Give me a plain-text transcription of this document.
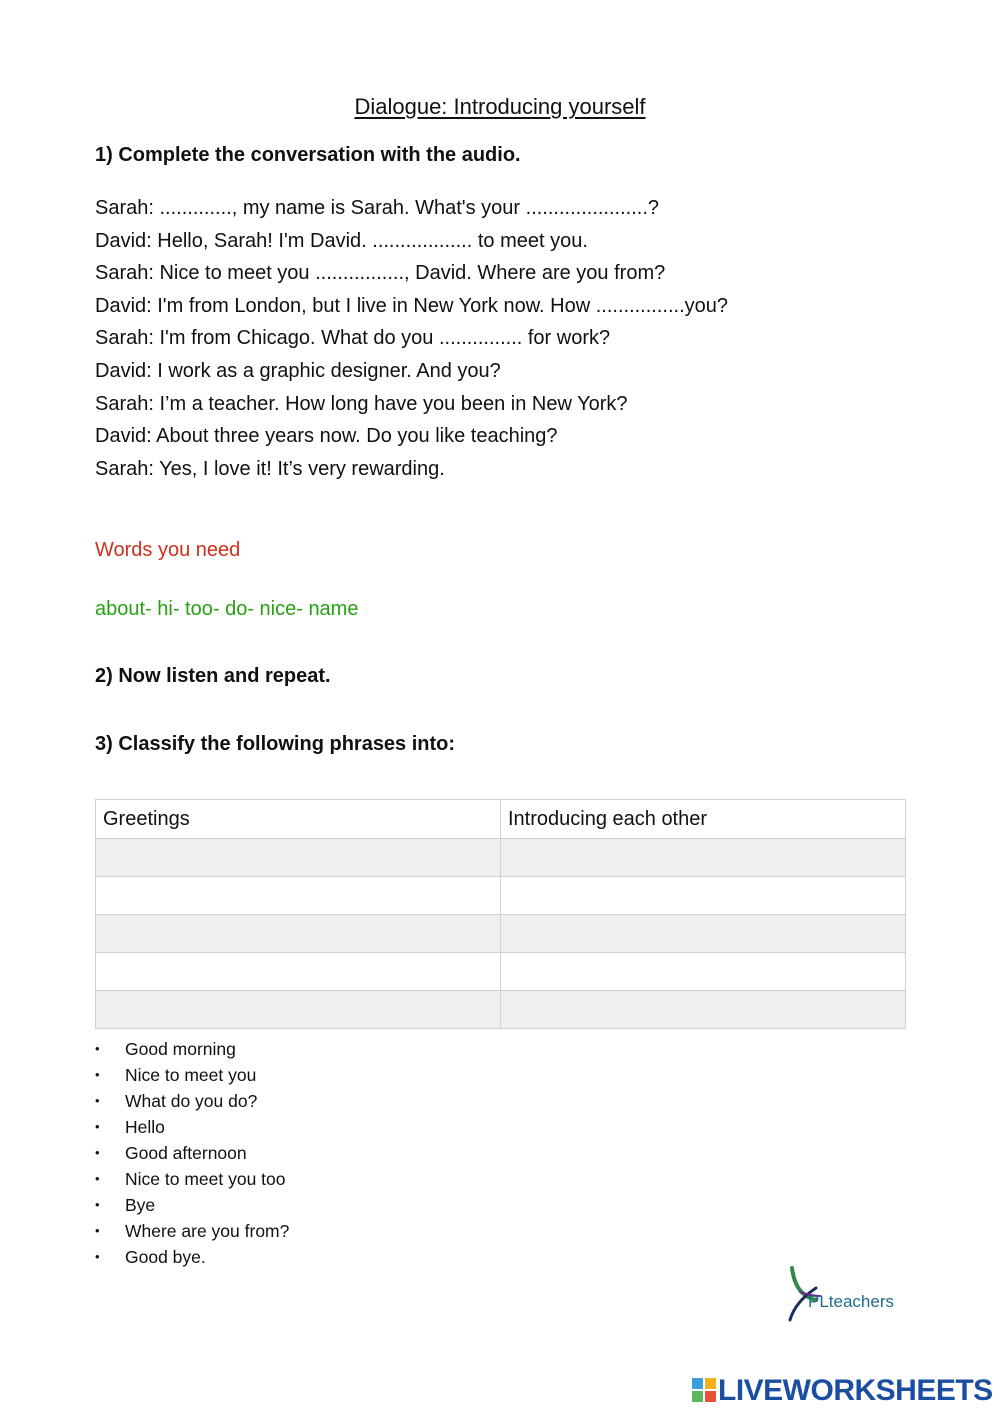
Dialogue: Introducing yourself
1) Complete the conversation with the audio.
Sarah: ............., my name is Sarah. What's your ......................?
David: Hello, Sarah! I'm David. .................. to meet you.
Sarah: Nice to meet you ................, David. Where are you from?
David: I'm from London, but I live in New York now. How ................you?
Sarah: I'm from Chicago. What do you ............... for work?
David: I work as a graphic designer. And you?
Sarah: I’m a teacher. How long have you been in New York?
David: About three years now. Do you like teaching?
Sarah: Yes, I love it! It’s very rewarding.
Words you need
about- hi- too- do- nice- name
2) Now listen and repeat.
3) Classify the following phrases into:
Greetings	Introducing each other

• Good morning
• Nice to meet you
• What do you do?
• Hello
• Good afternoon
• Nice to meet you too
• Bye
• Where are you from?
• Good bye.
PLteachers
LIVEWORKSHEETS
